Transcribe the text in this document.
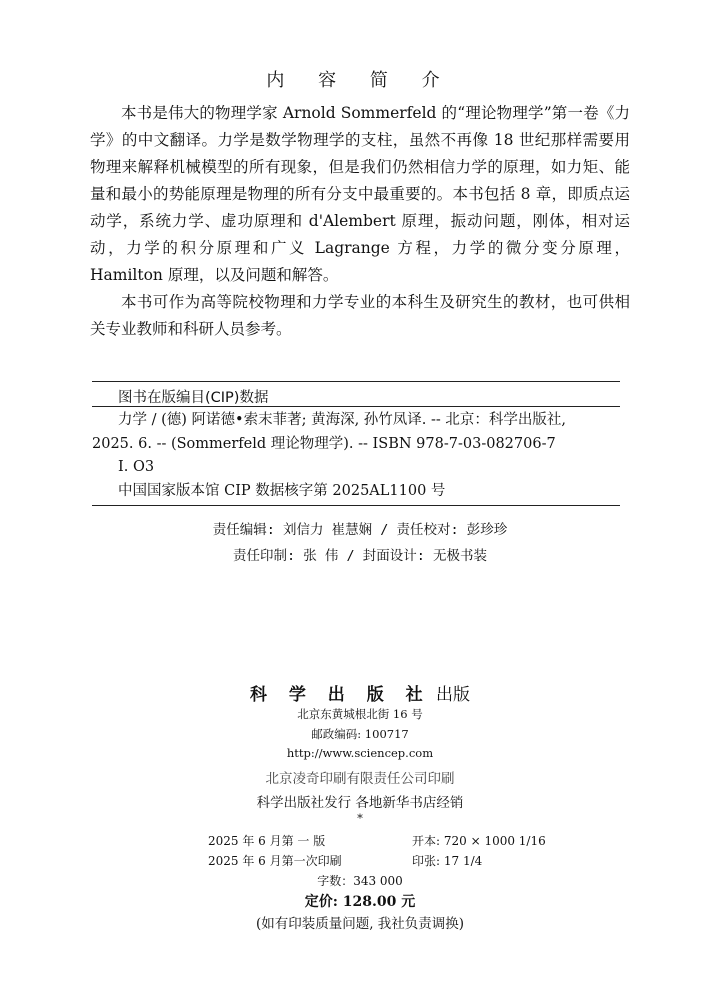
内 容 简 介

本书是伟大的物理学家 Arnold Sommerfeld 的“理论物理学”第一卷《力学》的中文翻译。力学是数学物理学的支柱，虽然不再像 18 世纪那样需要用物理来解释机械模型的所有现象，但是我们仍然相信力学的原理，如力矩、能量和最小的势能原理是物理的所有分支中最重要的。本书包括 8 章，即质点运动学，系统力学、虚功原理和 d'Alembert 原理，振动问题，刚体，相对运动，力学的积分原理和广义 Lagrange 方程，力学的微分变分原理，Hamilton 原理，以及问题和解答。

本书可作为高等院校物理和力学专业的本科生及研究生的教材，也可供相关专业教师和科研人员参考。

图书在版编目(CIP)数据
力学 / (德) 阿诺德•索末菲著; 黄海深, 孙竹凤译. -- 北京：科学出版社,
2025. 6. -- (Sommerfeld 理论物理学). -- ISBN 978-7-03-082706-7
Ⅰ. O3
中国国家版本馆 CIP 数据核字第 2025AL1100 号
责任编辑: 刘信力 崔慧娴 / 责任校对: 彭珍珍
责任印制: 张 伟 / 封面设计: 无极书装
科 学 出 版 社 出版
北京东黄城根北街 16 号
邮政编码: 100717
http://www.sciencep.com
北京凌奇印刷有限责任公司印刷
科学出版社发行 各地新华书店经销
*
2025 年 6 月第 一 版	开本: 720 × 1000 1/16
2025 年 6 月第一次印刷	印张: 17 1/4
字数：343 000
定价: 128.00 元
(如有印装质量问题, 我社负责调换)
